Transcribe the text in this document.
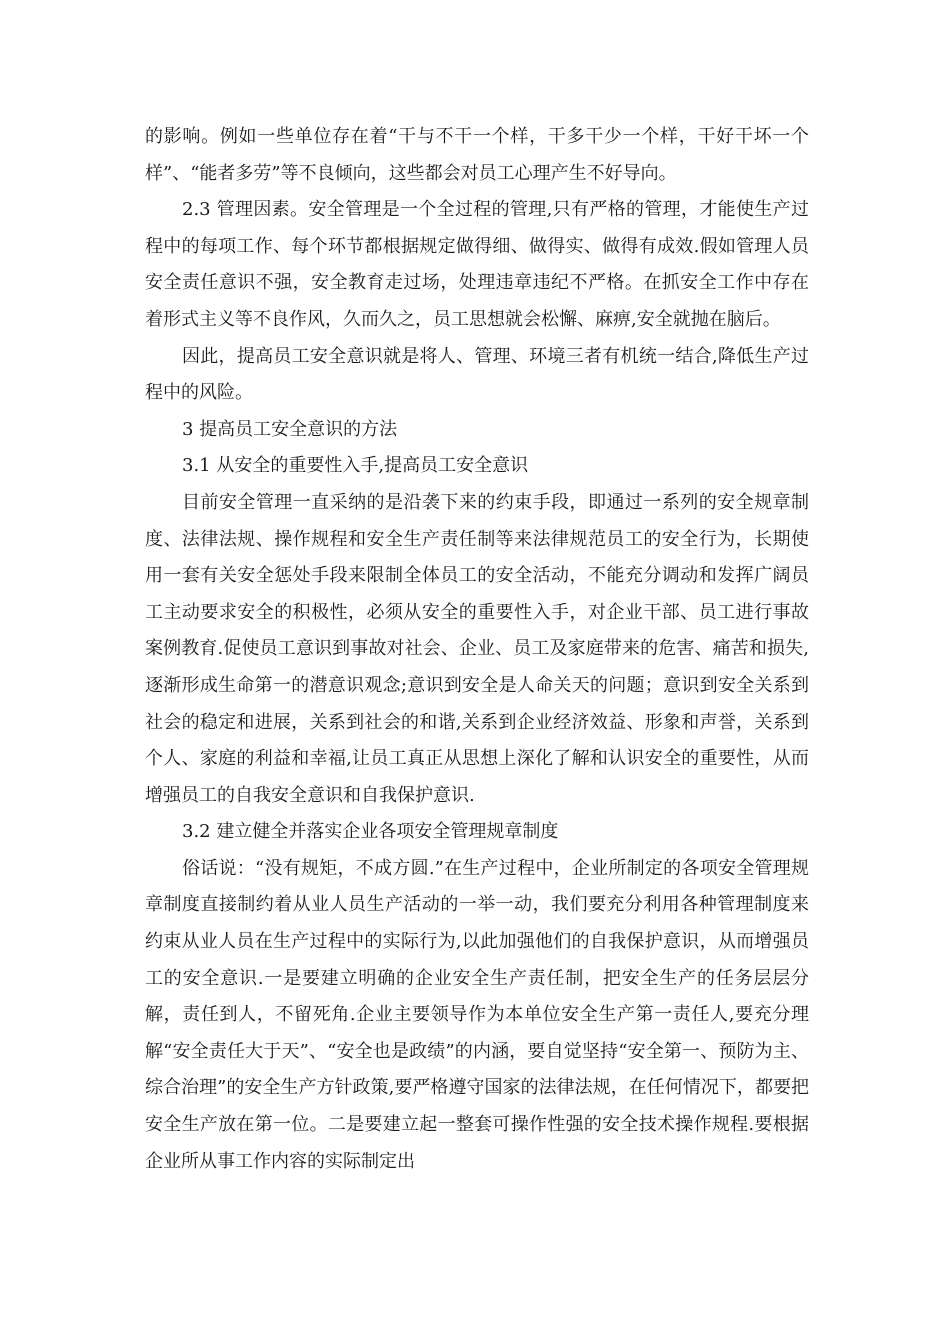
的影响。例如一些单位存在着“干与不干一个样，干多干少一个样，干好干坏一个样”、“能者多劳”等不良倾向，这些都会对员工心理产生不好导向。

2.3 管理因素。安全管理是一个全过程的管理,只有严格的管理，才能使生产过程中的每项工作、每个环节都根据规定做得细、做得实、做得有成效.假如管理人员安全责任意识不强，安全教育走过场，处理违章违纪不严格。在抓安全工作中存在着形式主义等不良作风，久而久之，员工思想就会松懈、麻痹,安全就抛在脑后。

因此，提高员工安全意识就是将人、管理、环境三者有机统一结合,降低生产过程中的风险。

3 提高员工安全意识的方法

3.1 从安全的重要性入手,提高员工安全意识

目前安全管理一直采纳的是沿袭下来的约束手段，即通过一系列的安全规章制度、法律法规、操作规程和安全生产责任制等来法律规范员工的安全行为，长期使用一套有关安全惩处手段来限制全体员工的安全活动，不能充分调动和发挥广阔员工主动要求安全的积极性，必须从安全的重要性入手，对企业干部、员工进行事故案例教育.促使员工意识到事故对社会、企业、员工及家庭带来的危害、痛苦和损失,逐渐形成生命第一的潜意识观念;意识到安全是人命关天的问题；意识到安全关系到社会的稳定和进展，关系到社会的和谐,关系到企业经济效益、形象和声誉，关系到个人、家庭的利益和幸福,让员工真正从思想上深化了解和认识安全的重要性，从而增强员工的自我安全意识和自我保护意识.

3.2 建立健全并落实企业各项安全管理规章制度

俗话说：“没有规矩，不成方圆.”在生产过程中，企业所制定的各项安全管理规章制度直接制约着从业人员生产活动的一举一动，我们要充分利用各种管理制度来约束从业人员在生产过程中的实际行为,以此加强他们的自我保护意识，从而增强员工的安全意识.一是要建立明确的企业安全生产责任制，把安全生产的任务层层分解，责任到人，不留死角.企业主要领导作为本单位安全生产第一责任人,要充分理解“安全责任大于天”、“安全也是政绩”的内涵，要自觉坚持“安全第一、预防为主、综合治理”的安全生产方针政策,要严格遵守国家的法律法规，在任何情况下，都要把安全生产放在第一位。二是要建立起一整套可操作性强的安全技术操作规程.要根据企业所从事工作内容的实际制定出
